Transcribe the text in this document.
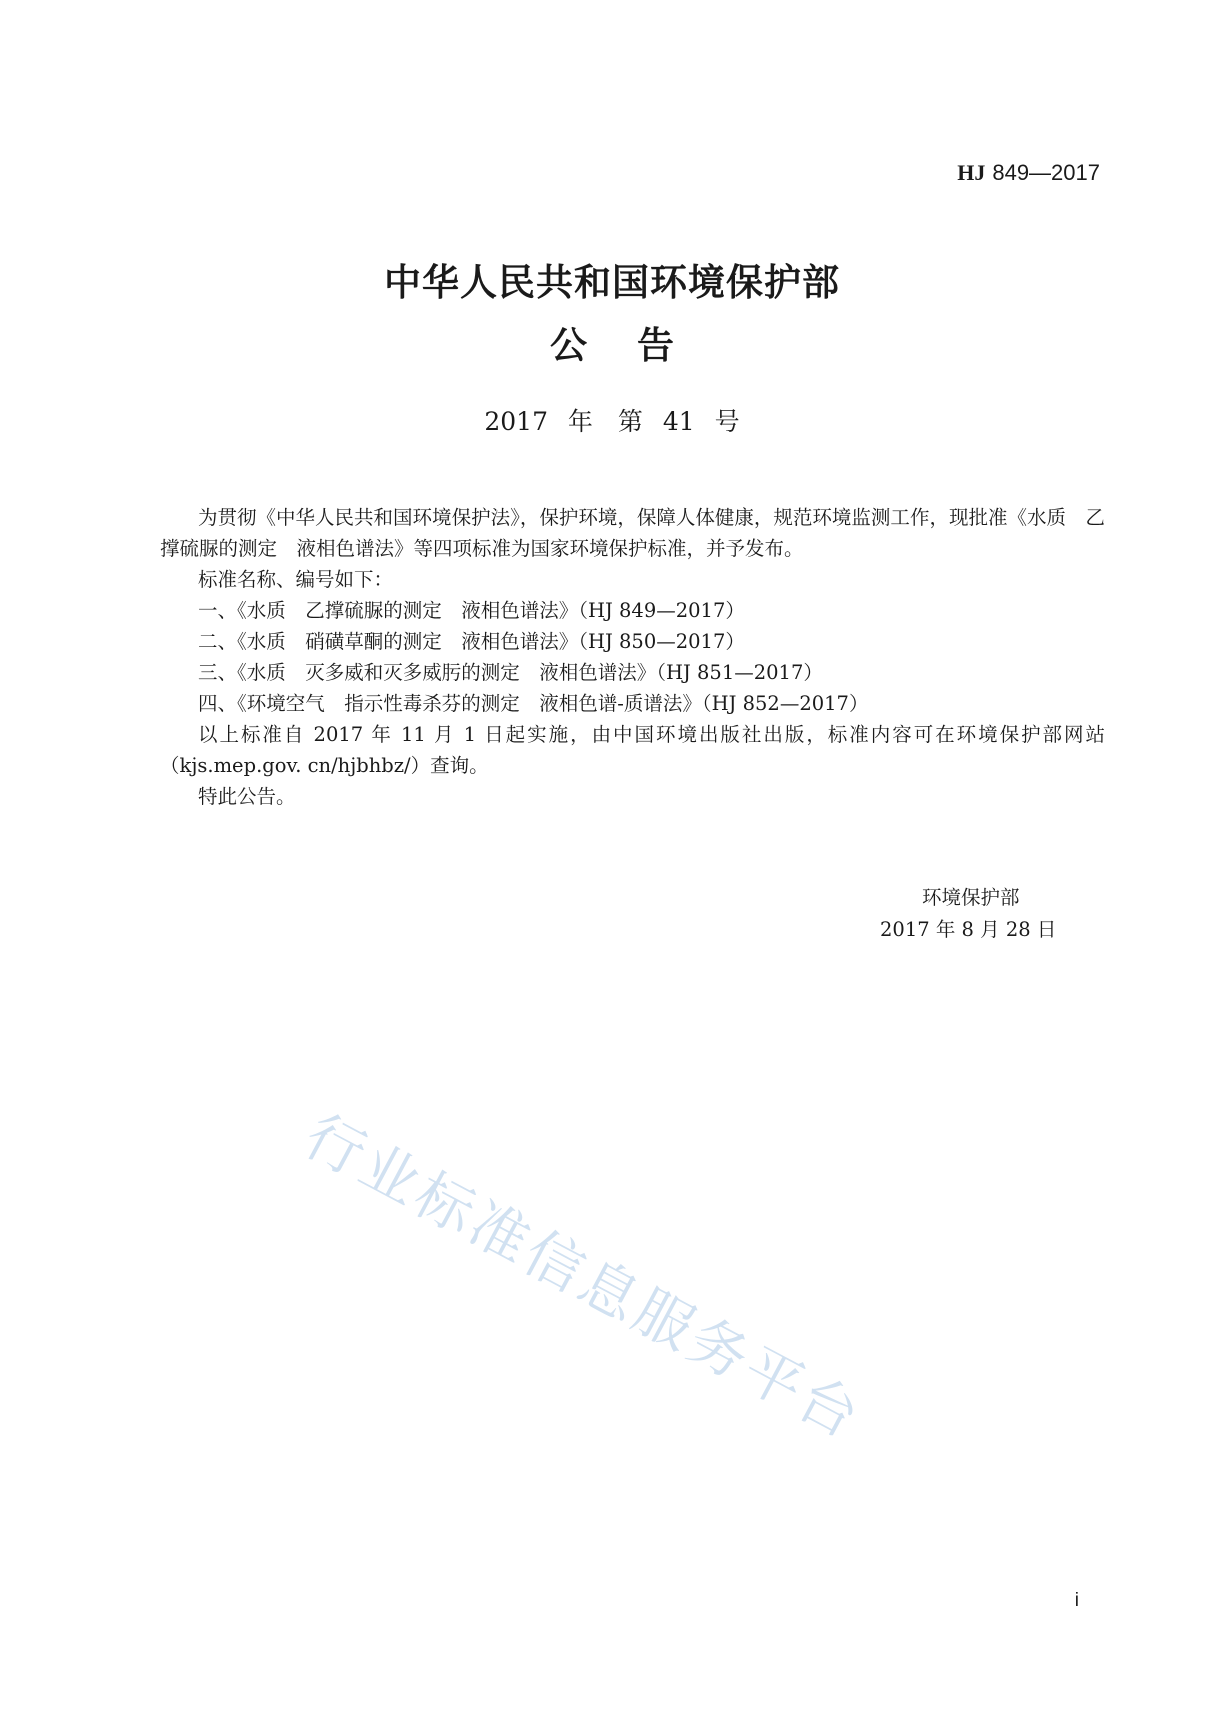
HJ 849—2017
中华人民共和国环境保护部
公告
2017 年　第 41 号

为贯彻《中华人民共和国环境保护法》，保护环境，保障人体健康，规范环境监测工作，现批准《水质　乙撑硫脲的测定　液相色谱法》等四项标准为国家环境保护标准，并予发布。

标准名称、编号如下：

一、《水质　乙撑硫脲的测定　液相色谱法》（HJ 849—2017）

二、《水质　硝磺草酮的测定　液相色谱法》（HJ 850—2017）

三、《水质　灭多威和灭多威肟的测定　液相色谱法》（HJ 851—2017）

四、《环境空气　指示性毒杀芬的测定　液相色谱-质谱法》（HJ 852—2017）

以上标准自 2017 年 11 月 1 日起实施，由中国环境出版社出版，标准内容可在环境保护部网站（kjs.mep.gov. cn/hjbhbz/）查询。

特此公告。

环境保护部
2017 年 8 月 28 日
行业标准信息服务平台
i
